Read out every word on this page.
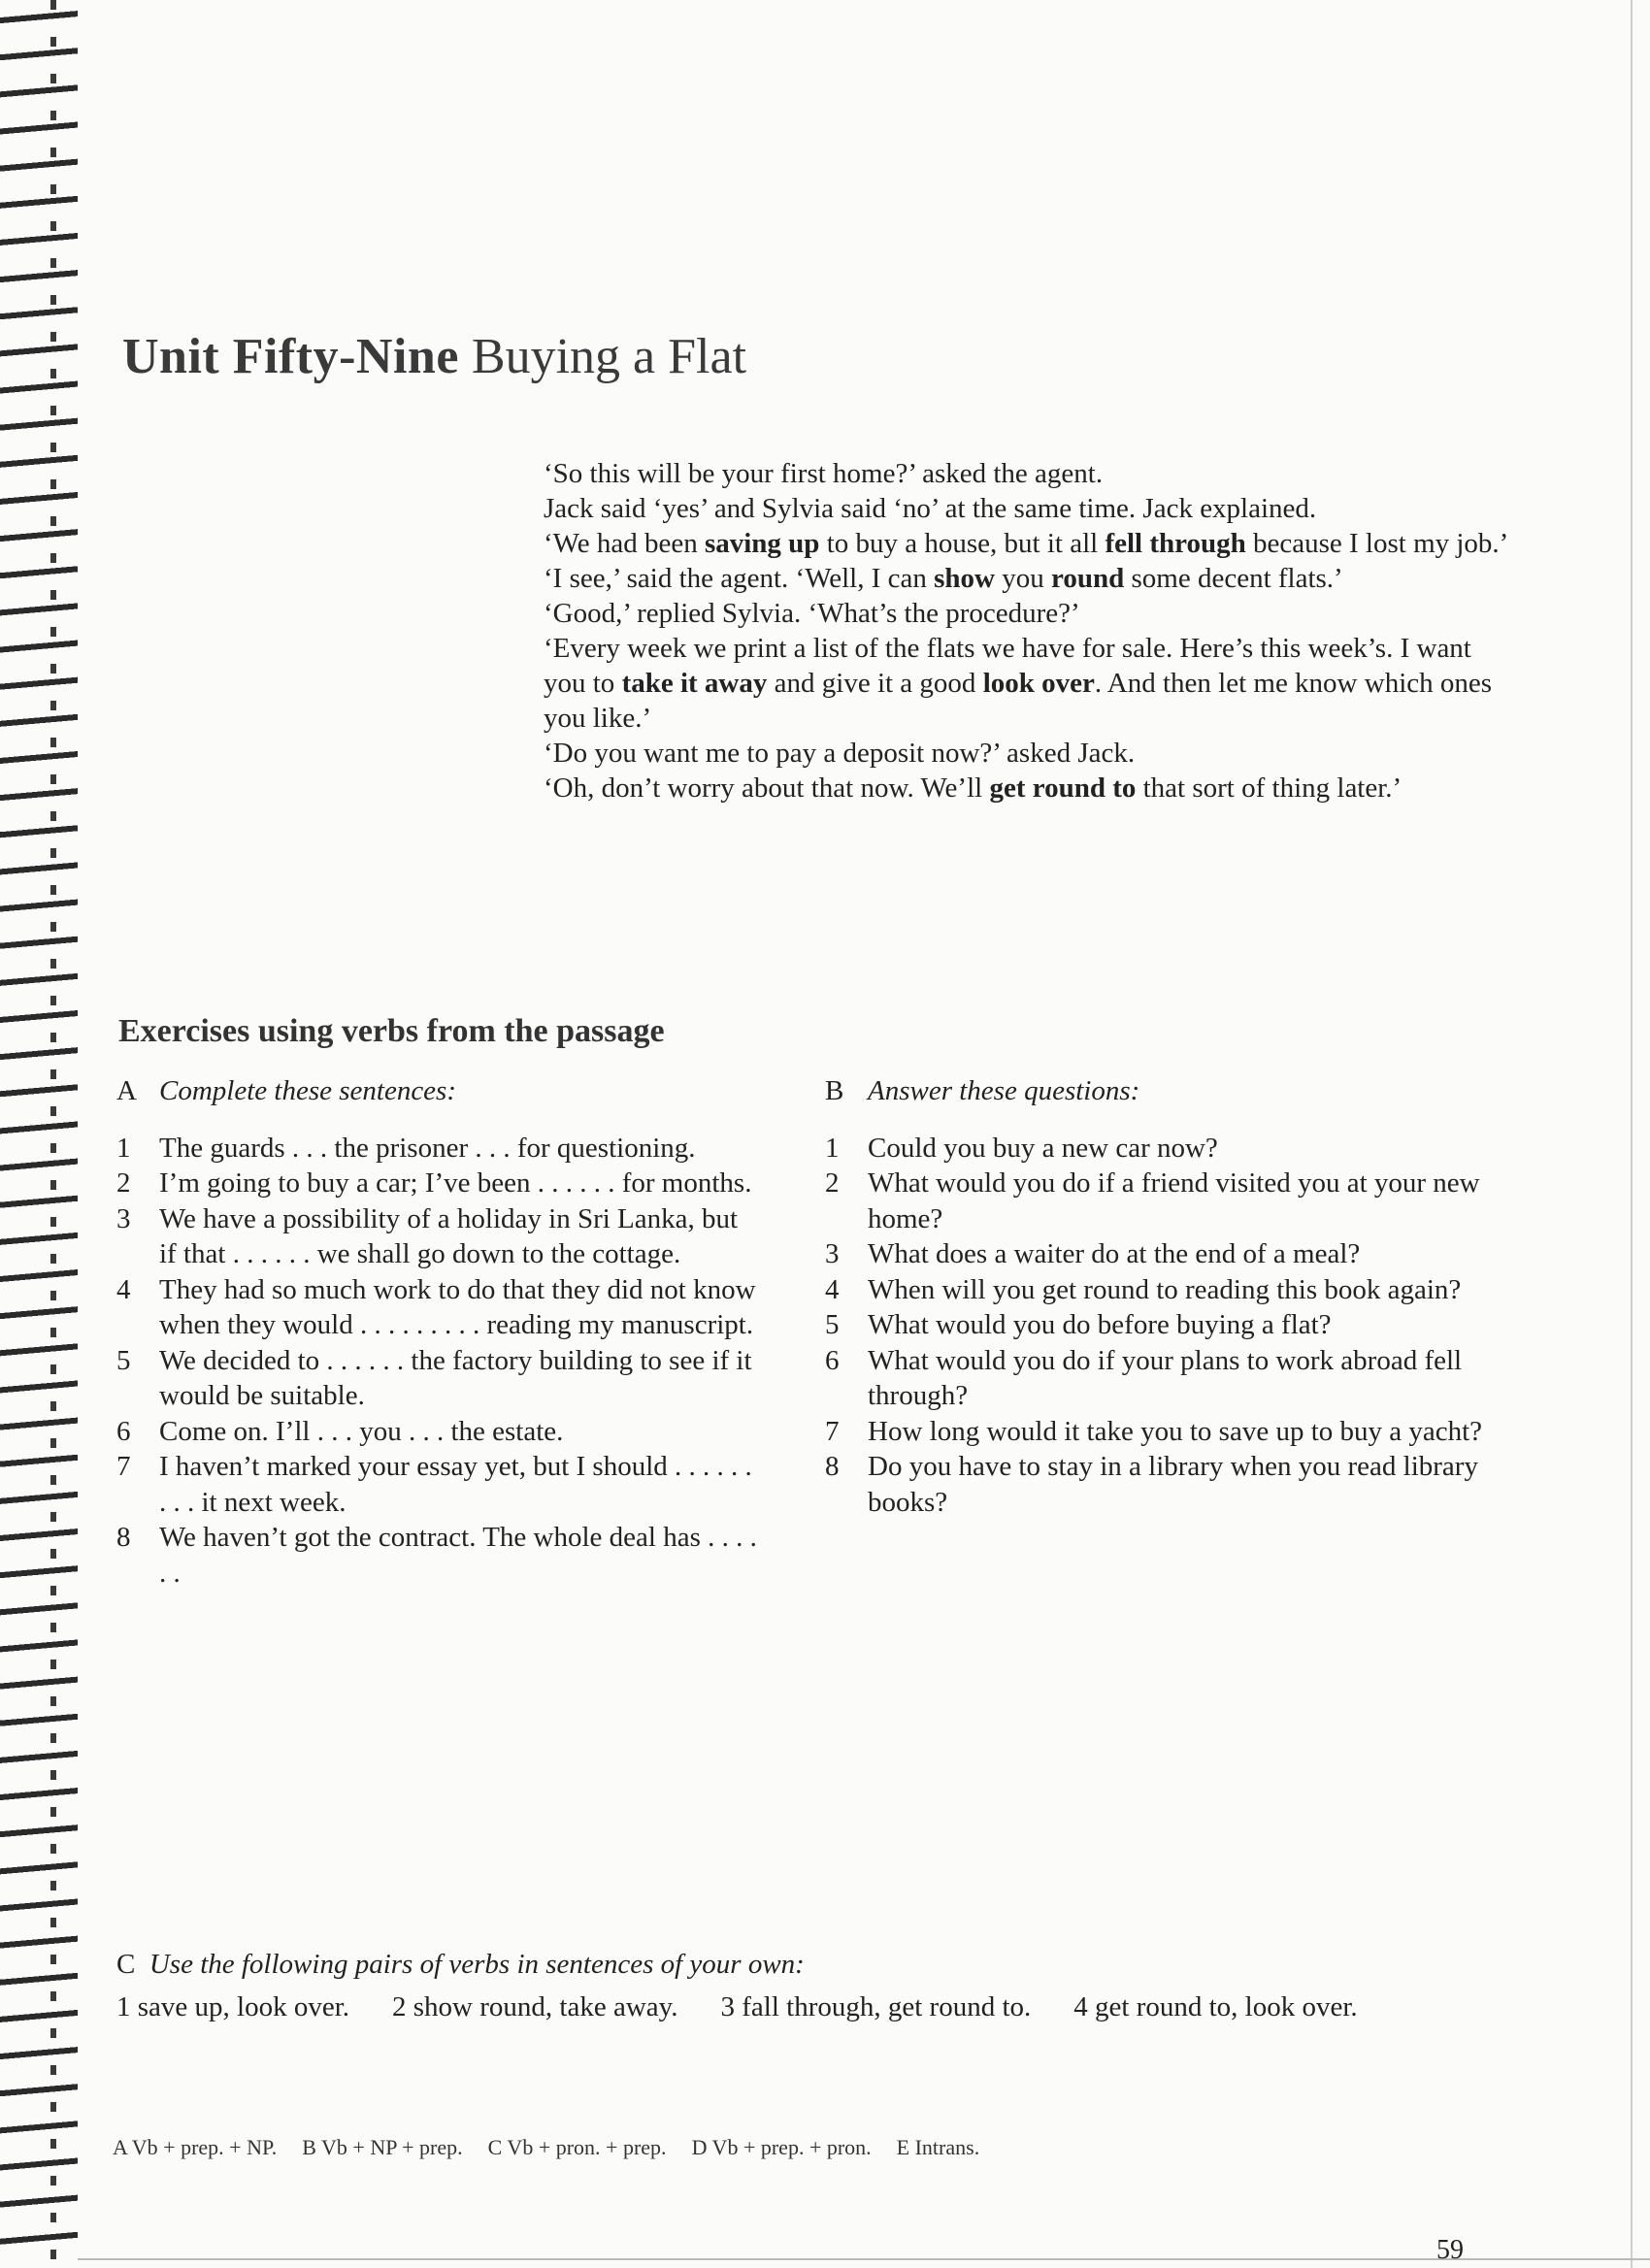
Unit Fifty-Nine Buying a Flat

‘So this will be your first home?’ asked the agent.

Jack said ‘yes’ and Sylvia said ‘no’ at the same time. Jack explained.

‘We had been saving up to buy a house, but it all fell through because I lost my job.’

‘I see,’ said the agent. ‘Well, I can show you round some decent flats.’

‘Good,’ replied Sylvia. ‘What’s the procedure?’

‘Every week we print a list of the flats we have for sale. Here’s this week’s. I want you to take it away and give it a good look over. And then let me know which ones you like.’

‘Do you want me to pay a deposit now?’ asked Jack.

‘Oh, don’t worry about that now. We’ll get round to that sort of thing later.’

Exercises using verbs from the passage
A Complete these sentences:
1	The guards . . . the prisoner . . . for questioning.
2	I’m going to buy a car; I’ve been . . . . . . for months.
3	We have a possibility of a holiday in Sri Lanka, but if that . . . . . . we shall go down to the cottage.
4	They had so much work to do that they did not know when they would . . . . . . . . . reading my manuscript.
5	We decided to . . . . . . the factory building to see if it would be suitable.
6	Come on. I’ll . . . you . . . the estate.
7	I haven’t marked your essay yet, but I should . . . . . . . . . it next week.
8	We haven’t got the contract. The whole deal has . . . . . .
B Answer these questions:
1	Could you buy a new car now?
2	What would you do if a friend visited you at your new home?
3	What does a waiter do at the end of a meal?
4	When will you get round to reading this book again?
5	What would you do before buying a flat?
6	What would you do if your plans to work abroad fell through?
7	How long would it take you to save up to buy a yacht?
8	Do you have to stay in a library when you read library books?
C Use the following pairs of verbs in sentences of your own:
1 save up, look over. 2 show round, take away. 3 fall through, get round to. 4 get round to, look over.
A Vb + prep. + NP. B Vb + NP + prep. C Vb + pron. + prep. D Vb + prep. + pron. E Intrans.
59
